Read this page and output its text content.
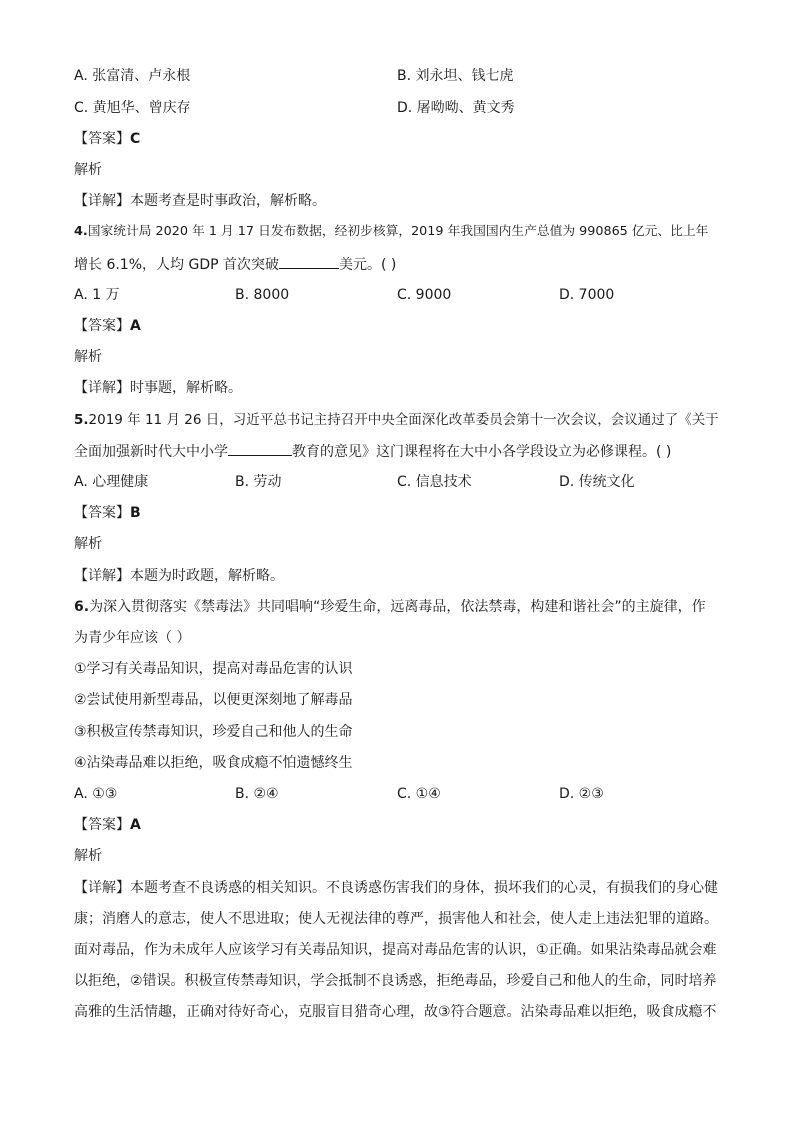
A. 张富清、卢永根	B. 刘永坦、钱七虎
C. 黄旭华、曾庆存	D. 屠呦呦、黄文秀
【答案】C
解析
【详解】本题考查是时事政治，解析略。
4.国家统计局 2020 年 1 月 17 日发布数据，经初步核算，2019 年我国国内生产总值为 990865 亿元、比上年
增长 6.1%，人均 GDP 首次突破	美元。( )
A. 1 万	B. 8000	C. 9000	D. 7000
【答案】A
解析
【详解】时事题，解析略。
5.2019 年 11 月 26 日，习近平总书记主持召开中央全面深化改革委员会第十一次会议，会议通过了《关于
全面加强新时代大中小学	教育的意见》这门课程将在大中小各学段设立为必修课程。( )
A. 心理健康	B. 劳动	C. 信息技术	D. 传统文化
【答案】B
解析
【详解】本题为时政题，解析略。
6.为深入贯彻落实《禁毒法》共同唱响“珍爱生命，远离毒品，依法禁毒，构建和谐社会”的主旋律，作
为青少年应该（ ）
①学习有关毒品知识，提高对毒品危害的认识
②尝试使用新型毒品，以便更深刻地了解毒品
③积极宣传禁毒知识，珍爱自己和他人的生命
④沾染毒品难以拒绝，吸食成瘾不怕遗憾终生
A. ①③	B. ②④	C. ①④	D. ②③
【答案】A
解析
【详解】本题考查不良诱惑的相关知识。不良诱惑伤害我们的身体，损坏我们的心灵，有损我们的身心健
康；消磨人的意志，使人不思进取；使人无视法律的尊严，损害他人和社会，使人走上违法犯罪的道路。
面对毒品，作为未成年人应该学习有关毒品知识，提高对毒品危害的认识，①正确。如果沾染毒品就会难
以拒绝，②错误。积极宣传禁毒知识，学会抵制不良诱惑，拒绝毒品，珍爱自己和他人的生命，同时培养
高雅的生活情趣，正确对待好奇心，克服盲目猎奇心理，故③符合题意。沾染毒品难以拒绝，吸食成瘾不
